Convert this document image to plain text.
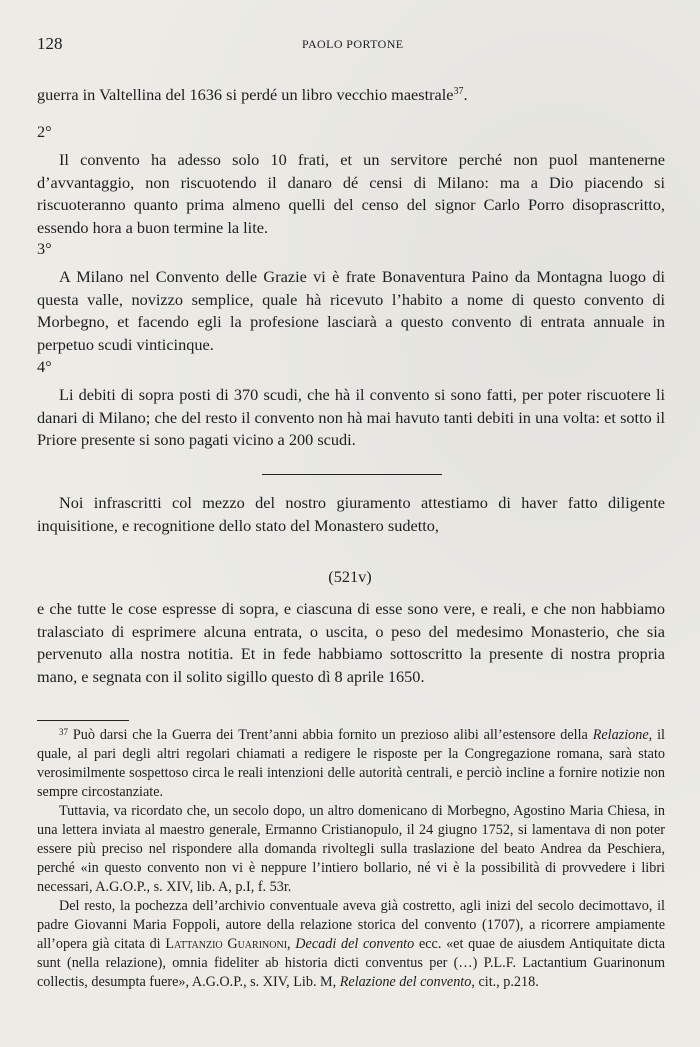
128	PAOLO PORTONE

guerra in Valtellina del 1636 si perdé un libro vecchio maestrale$^{37}$.

2°

Il convento ha adesso solo 10 frati, et un servitore perché non puol mantenerne d’avvantaggio, non riscuotendo il danaro dé censi di Milano: ma a Dio piacendo si riscuoteranno quanto prima almeno quelli del censo del signor Carlo Porro disoprascritto, essendo hora a buon termine la lite.

3°

A Milano nel Convento delle Grazie vi è frate Bonaventura Paino da Montagna luogo di questa valle, novizzo semplice, quale hà ricevuto l’habito a nome di questo convento di Morbegno, et facendo egli la profesione lasciarà a questo convento di entrata annuale in perpetuo scudi vinticinque.

4°

Li debiti di sopra posti di 370 scudi, che hà il convento si sono fatti, per poter riscuotere li danari di Milano; che del resto il convento non hà mai havuto tanti debiti in una volta: et sotto il Priore presente si sono pagati vicino a 200 scudi.

Noi infrascritti col mezzo del nostro giuramento attestiamo di haver fatto diligente inquisitione, e recognitione dello stato del Monastero sudetto,

(521v)

e che tutte le cose espresse di sopra, e ciascuna di esse sono vere, e reali, e che non habbiamo tralasciato di esprimere alcuna entrata, o uscita, o peso del medesimo Monasterio, che sia pervenuto alla nostra notitia. Et in fede habbiamo sottoscritto la presente di nostra propria mano, e segnata con il solito sigillo questo dì 8 aprile 1650.

$^{37}$ Può darsi che la Guerra dei Trent’anni abbia fornito un prezioso alibi all’estensore della Relazione, il quale, al pari degli altri regolari chiamati a redigere le risposte per la Congregazione romana, sarà stato verosimilmente sospettoso circa le reali intenzioni delle autorità centrali, e perciò incline a fornire notizie non sempre circostanziate.

Tuttavia, va ricordato che, un secolo dopo, un altro domenicano di Morbegno, Agostino Maria Chiesa, in una lettera inviata al maestro generale, Ermanno Cristianopulo, il 24 giugno 1752, si lamentava di non poter essere più preciso nel rispondere alla domanda rivoltegli sulla traslazione del beato Andrea da Peschiera, perché «in questo convento non vi è neppure l’intiero bollario, né vi è la possibilità di provvedere i libri necessari, A.G.O.P., s. XIV, lib. A, p.I, f. 53r.

Del resto, la pochezza dell’archivio conventuale aveva già costretto, agli inizi del secolo decimottavo, il padre Giovanni Maria Foppoli, autore della relazione storica del convento (1707), a ricorrere ampiamente all’opera già citata di Lattanzio Guarinoni, Decadi del convento ecc. «et quae de aiusdem Antiquitate dicta sunt (nella relazione), omnia fideliter ab historia dicti conventus per (…) P.L.F. Lactantium Guarinonum collectis, desumpta fuere», A.G.O.P., s. XIV, Lib. M, Relazione del convento, cit., p.218.
